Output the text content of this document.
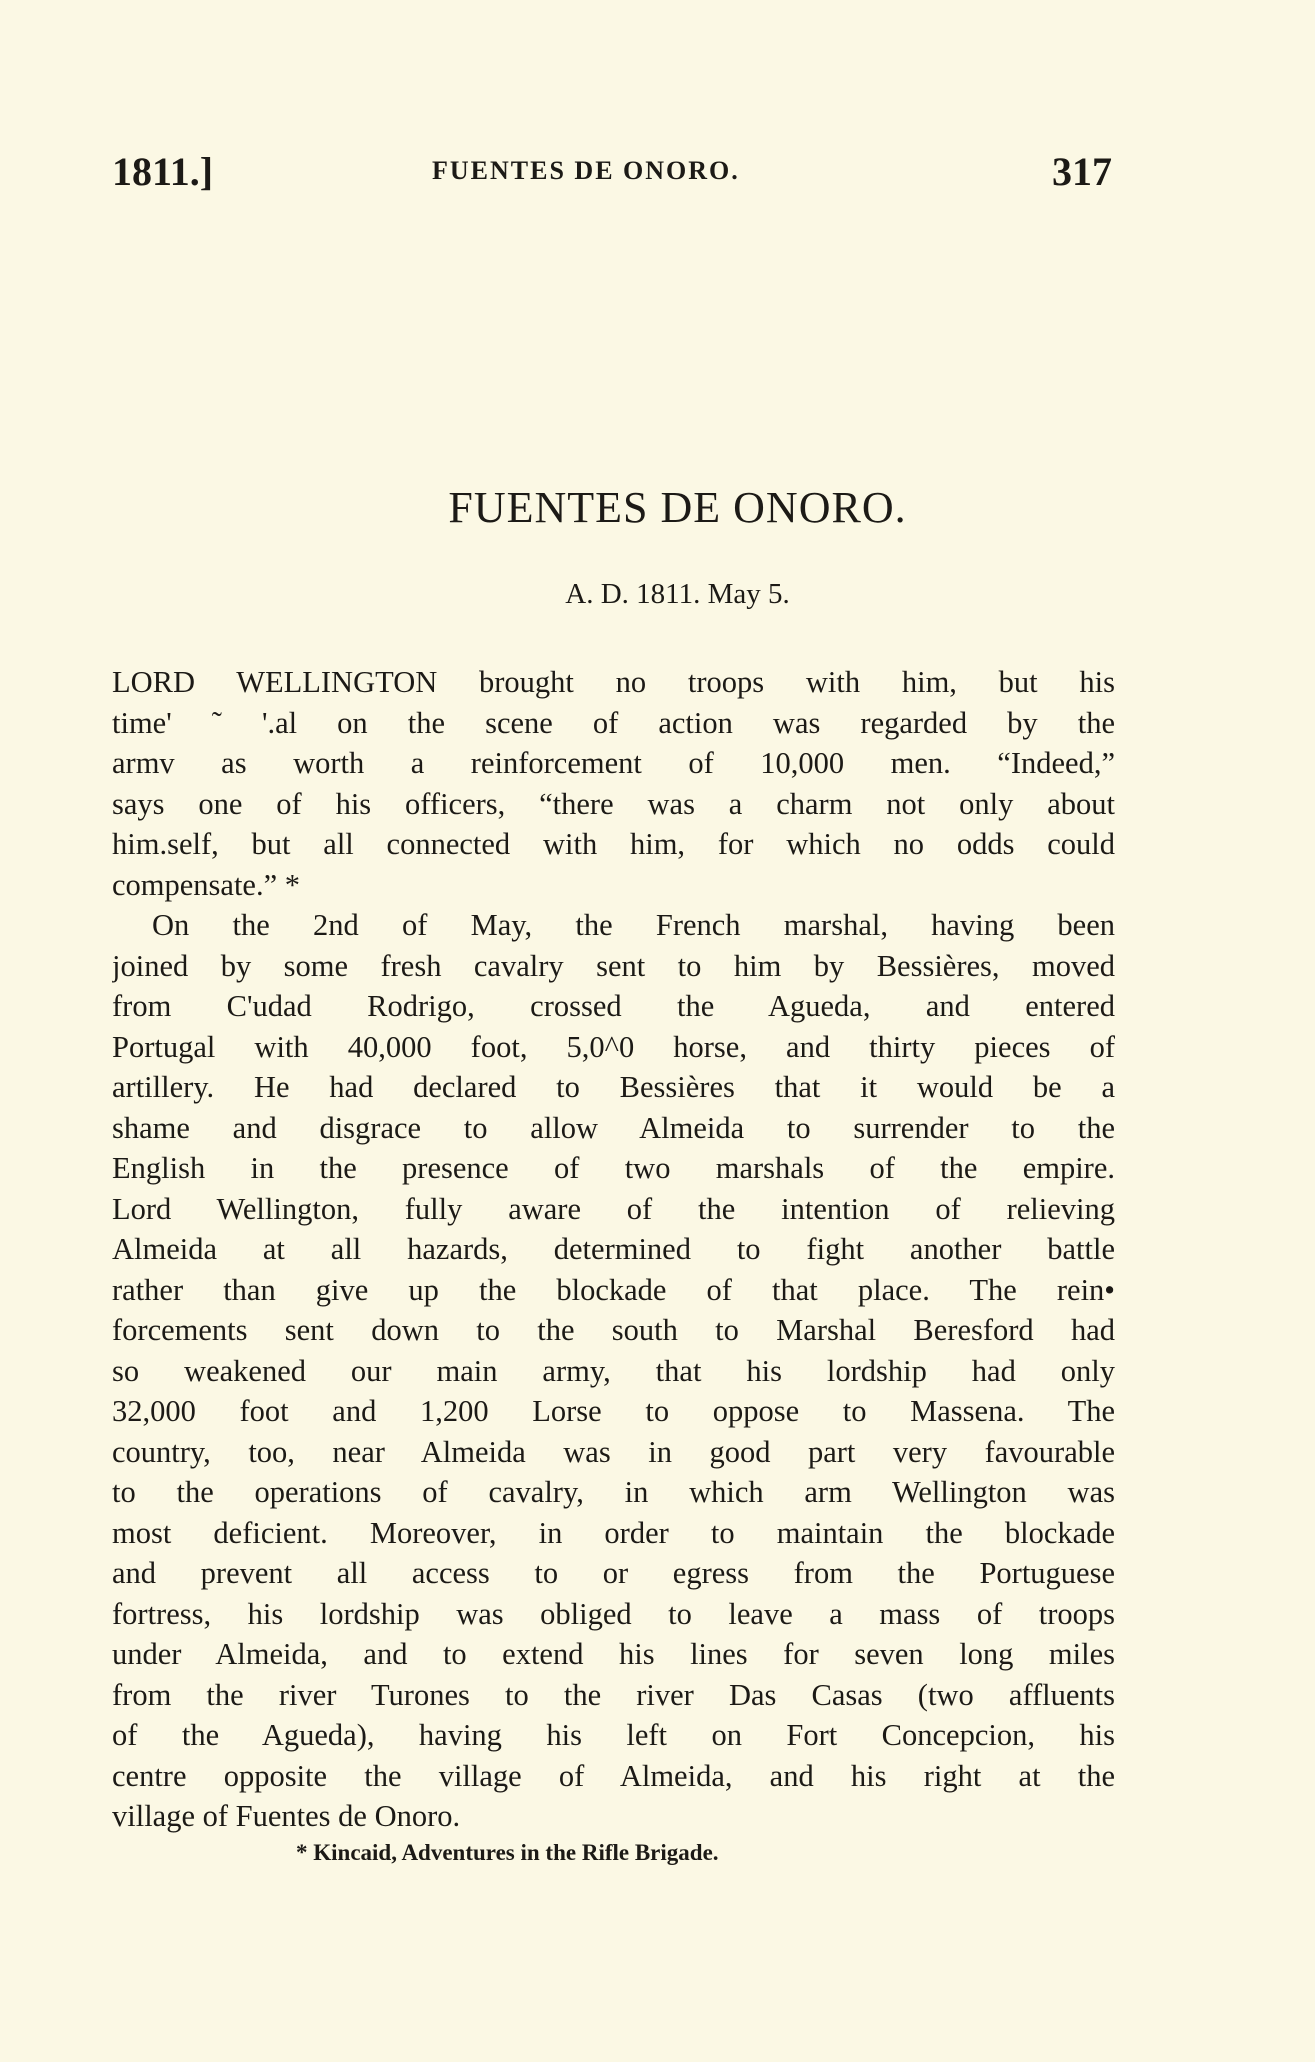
1811.]	FUENTES DE ONORO.	317
FUENTES DE ONORO.
A. D. 1811. May 5.
LORD WELLINGTON brought no troops with him, but his
time' ˜ '.al on the scene of action was regarded by the
armv as worth a reinforcement of 10,000 men. “Indeed,”
says one of his officers, “there was a charm not only about
him.self, but all connected with him, for which no odds could
compensate.” *
On the 2nd of May, the French marshal, having been
joined by some fresh cavalry sent to him by Bessières, moved
from C'udad Rodrigo, crossed the Agueda, and entered
Portugal with 40,000 foot, 5,0^0 horse, and thirty pieces of
artillery. He had declared to Bessières that it would be a
shame and disgrace to allow Almeida to surrender to the
English in the presence of two marshals of the empire.
Lord Wellington, fully aware of the intention of relieving
Almeida at all hazards, determined to fight another battle
rather than give up the blockade of that place. The rein•
forcements sent down to the south to Marshal Beresford had
so weakened our main army, that his lordship had only
32,000 foot and 1,200 Lorse to oppose to Massena. The
country, too, near Almeida was in good part very favourable
to the operations of cavalry, in which arm Wellington was
most deficient. Moreover, in order to maintain the blockade
and prevent all access to or egress from the Portuguese
fortress, his lordship was obliged to leave a mass of troops
under Almeida, and to extend his lines for seven long miles
from the river Turones to the river Das Casas (two affluents
of the Agueda), having his left on Fort Concepcion, his
centre opposite the village of Almeida, and his right at the
village of Fuentes de Onoro.
* Kincaid, Adventures in the Rifle Brigade.
